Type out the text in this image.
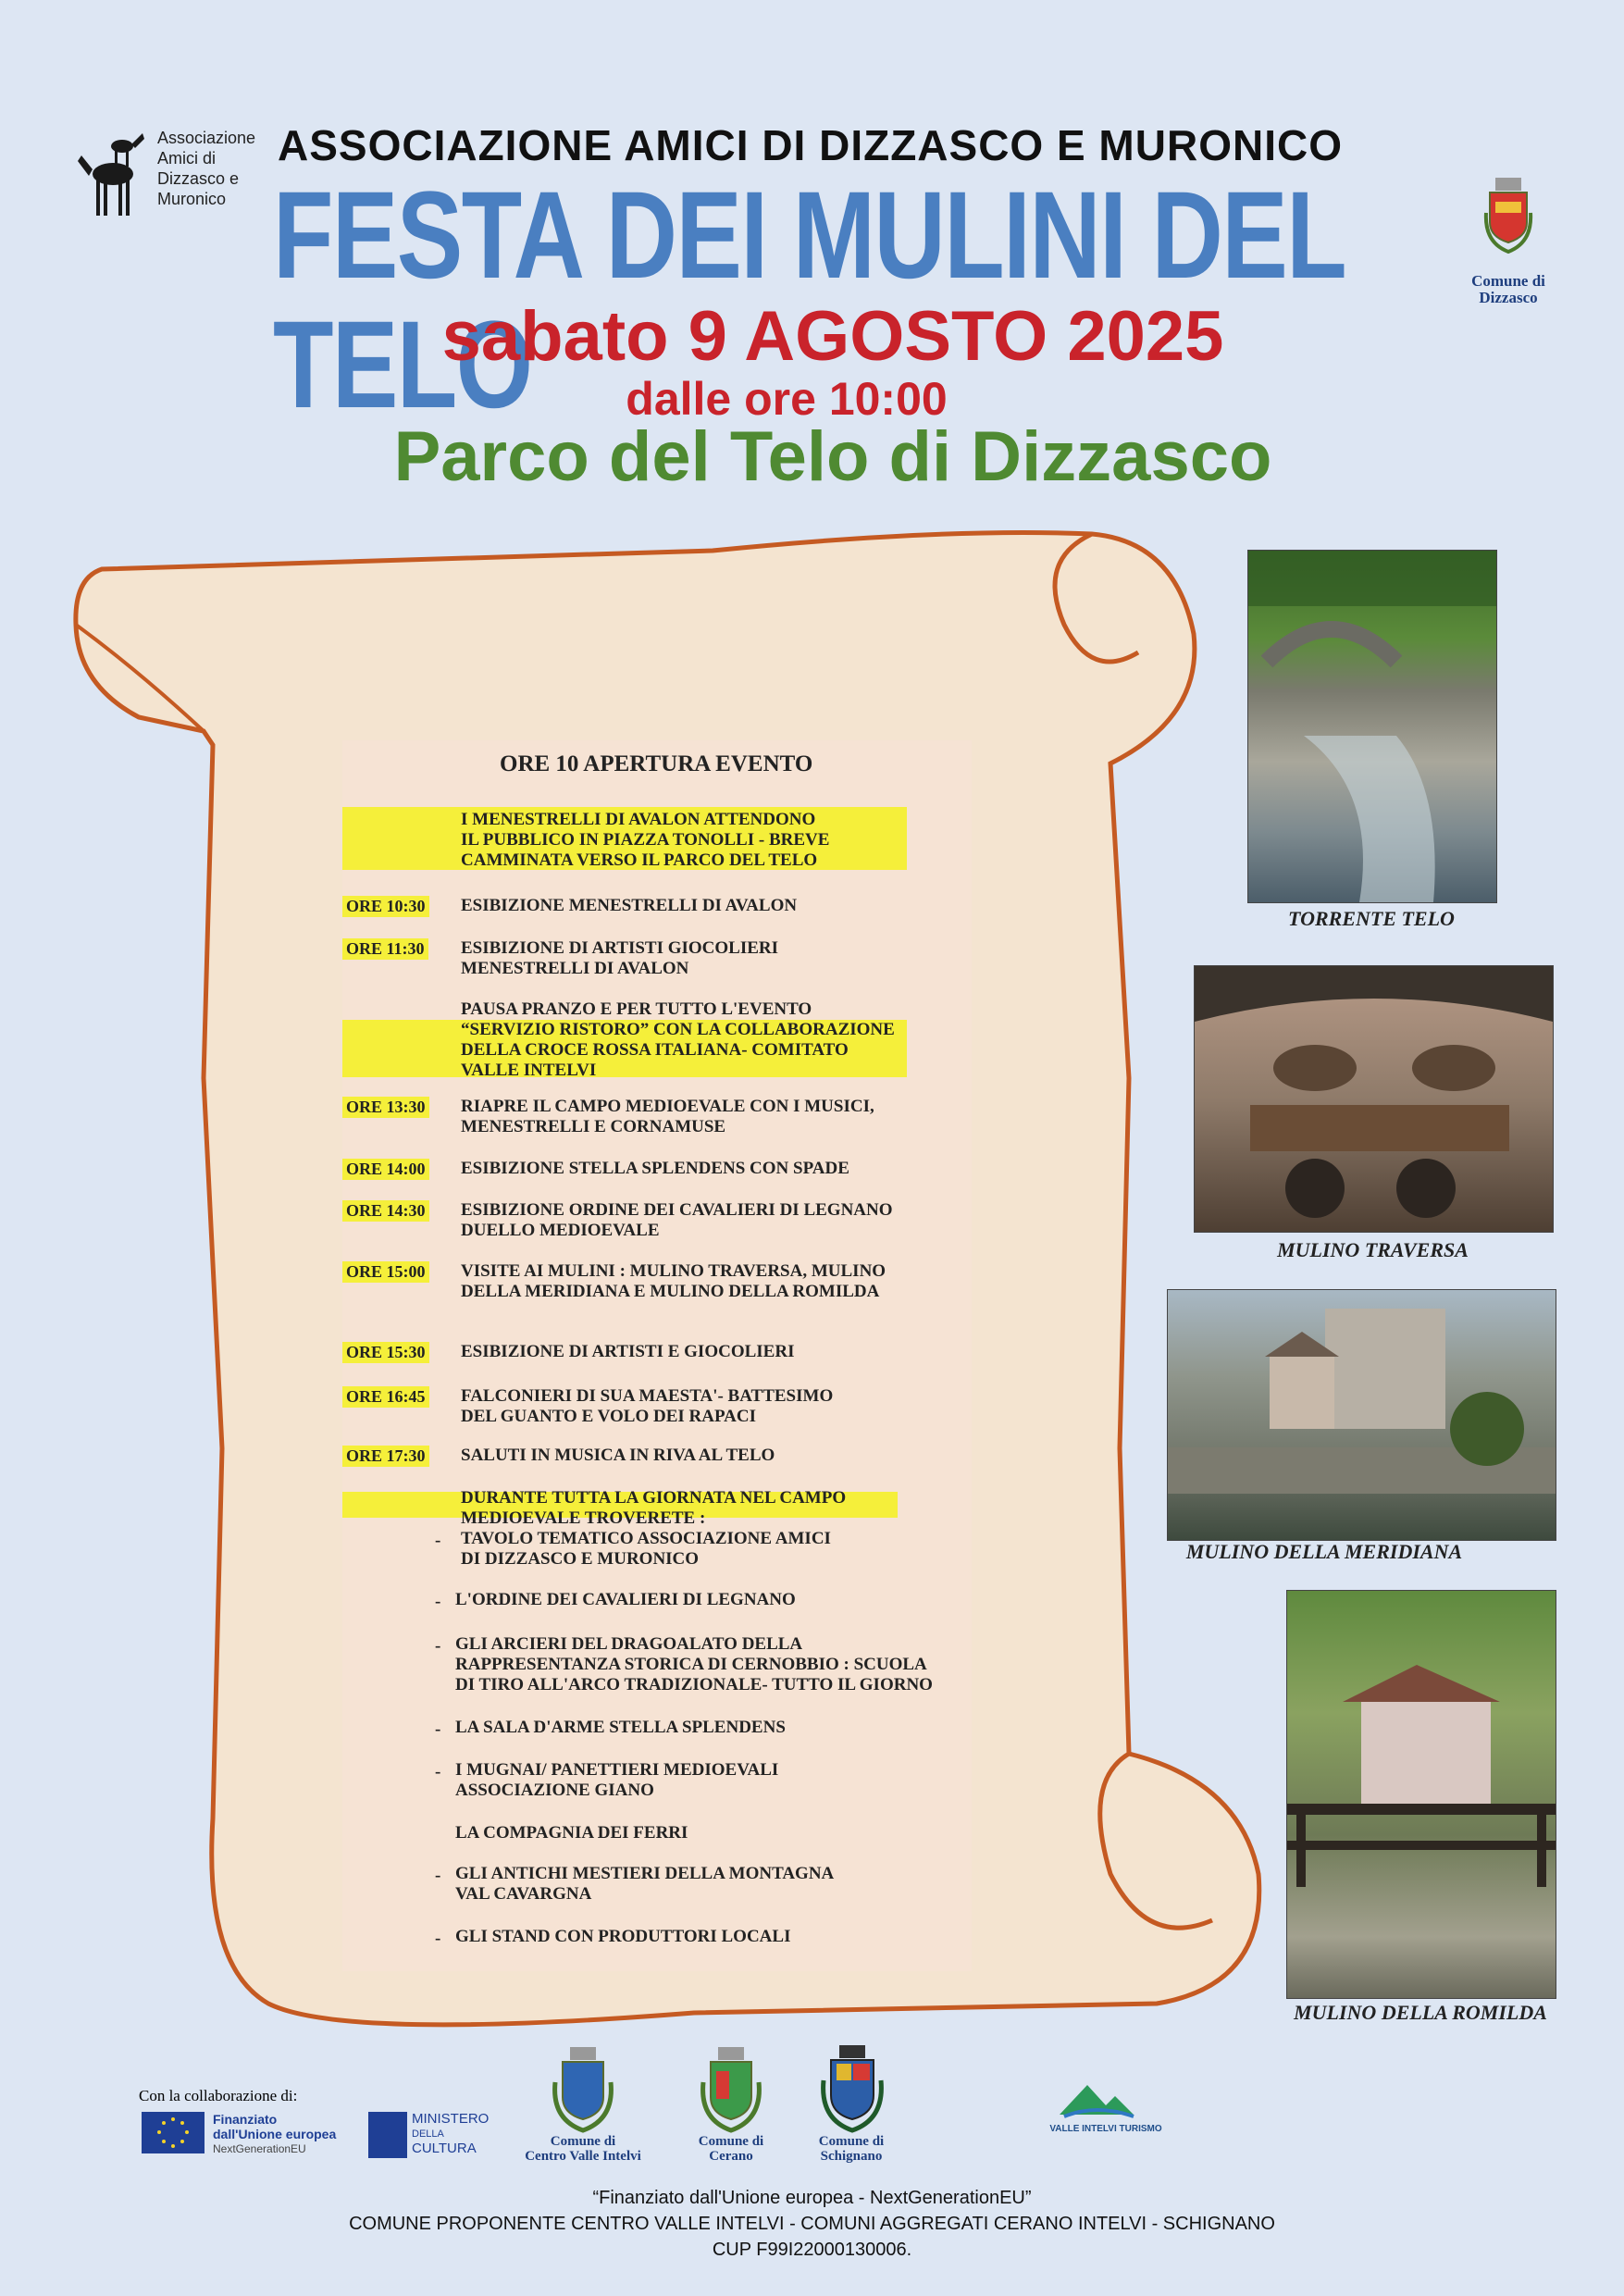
Associazione
Amici di
Dizzasco e
Muronico
ASSOCIAZIONE AMICI DI DIZZASCO E MURONICO
FESTA DEI MULINI DEL TELO
Comune di
Dizzasco
sabato 9 AGOSTO 2025
dalle ore 10:00
Parco del Telo di Dizzasco
ORE 10 APERTURA EVENTO
I MENESTRELLI DI AVALON ATTENDONO
IL PUBBLICO IN PIAZZA TONOLLI - BREVE
CAMMINATA VERSO IL PARCO DEL TELO
ORE 10:30 ESIBIZIONE MENESTRELLI DI AVALON
ORE 11:30 ESIBIZIONE DI ARTISTI GIOCOLIERI
MENESTRELLI DI AVALON
PAUSA PRANZO E PER TUTTO L'EVENTO
“SERVIZIO RISTORO” CON LA COLLABORAZIONE
DELLA CROCE ROSSA ITALIANA- COMITATO
VALLE INTELVI
ORE 13:30 RIAPRE IL CAMPO MEDIOEVALE CON I MUSICI,
MENESTRELLI E CORNAMUSE
ORE 14:00 ESIBIZIONE STELLA SPLENDENS CON SPADE
ORE 14:30 ESIBIZIONE ORDINE DEI CAVALIERI DI LEGNANO
DUELLO MEDIOEVALE
ORE 15:00 VISITE AI MULINI : MULINO TRAVERSA, MULINO
DELLA MERIDIANA E MULINO DELLA ROMILDA
ORE 15:30 ESIBIZIONE DI ARTISTI E GIOCOLIERI
ORE 16:45 FALCONIERI DI SUA MAESTA'- BATTESIMO
DEL GUANTO E VOLO DEI RAPACI
ORE 17:30 SALUTI IN MUSICA IN RIVA AL TELO
DURANTE TUTTA LA GIORNATA NEL CAMPO
MEDIOEVALE TROVERETE :
- TAVOLO TEMATICO ASSOCIAZIONE AMICI
DI DIZZASCO E MURONICO
- L'ORDINE DEI CAVALIERI DI LEGNANO
- GLI ARCIERI DEL DRAGOALATO DELLA
RAPPRESENTANZA STORICA DI CERNOBBIO : SCUOLA
DI TIRO ALL'ARCO TRADIZIONALE- TUTTO IL GIORNO
- LA SALA D'ARME STELLA SPLENDENS
- I MUGNAI/ PANETTIERI MEDIOEVALI
ASSOCIAZIONE GIANO
LA COMPAGNIA DEI FERRI
- GLI ANTICHI MESTIERI DELLA MONTAGNA
VAL CAVARGNA
- GLI STAND CON PRODUTTORI LOCALI
TORRENTE TELO
MULINO TRAVERSA
MULINO DELLA MERIDIANA
MULINO DELLA ROMILDA
Con la collaborazione di:
Finanziato
dall'Unione europea
NextGenerationEU
MINISTERO
DELLA
CULTURA	Comune di
Centro Valle Intelvi
Comune di
Cerano
Comune di
Schignano
VALLE INTELVI TURISMO
“Finanziato dall'Unione europea - NextGenerationEU”
COMUNE PROPONENTE CENTRO VALLE INTELVI - COMUNI AGGREGATI CERANO INTELVI - SCHIGNANO
CUP F99I22000130006.
